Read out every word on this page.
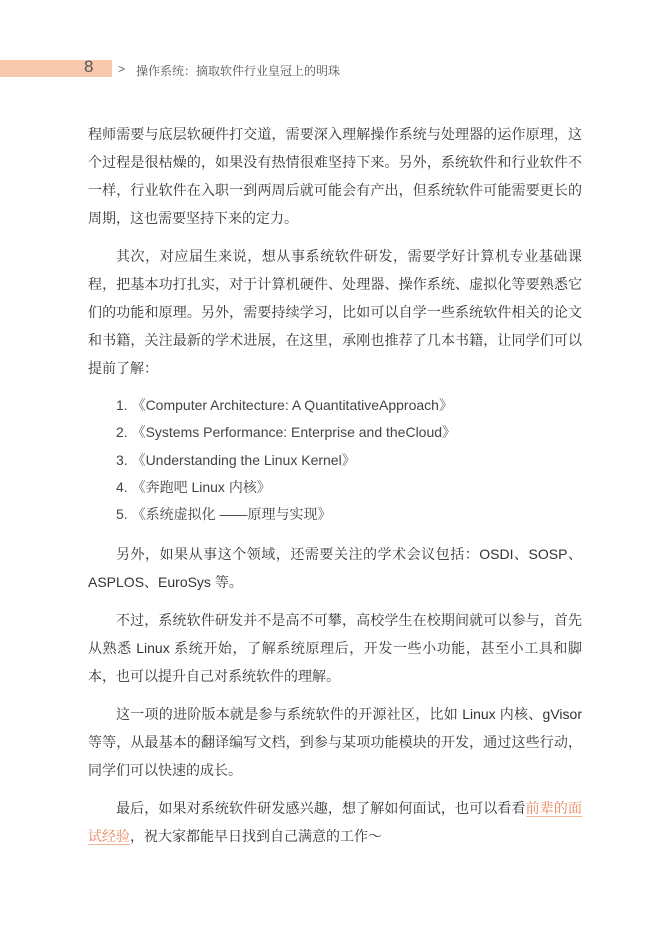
8 > 操作系统：摘取软件行业皇冠上的明珠

程师需要与底层软硬件打交道，需要深入理解操作系统与处理器的运作原理，这个过程是很枯燥的，如果没有热情很难坚持下来。另外，系统软件和行业软件不一样，行业软件在入职一到两周后就可能会有产出，但系统软件可能需要更长的周期，这也需要坚持下来的定力。

其次，对应届生来说，想从事系统软件研发，需要学好计算机专业基础课程，把基本功打扎实，对于计算机硬件、处理器、操作系统、虚拟化等要熟悉它们的功能和原理。另外，需要持续学习，比如可以自学一些系统软件相关的论文和书籍，关注最新的学术进展，在这里，承刚也推荐了几本书籍，让同学们可以提前了解：

1. 《Computer Architecture: A QuantitativeApproach》
2. 《Systems Performance: Enterprise and theCloud》
3. 《Understanding the Linux Kernel》
4. 《奔跑吧 Linux 内核》
5. 《系统虚拟化 ——原理与实现》

另外，如果从事这个领域，还需要关注的学术会议包括：OSDI、SOSP、ASPLOS、EuroSys 等。

不过，系统软件研发并不是高不可攀，高校学生在校期间就可以参与，首先从熟悉 Linux 系统开始，了解系统原理后，开发一些小功能，甚至小工具和脚本，也可以提升自己对系统软件的理解。

这一项的进阶版本就是参与系统软件的开源社区，比如 Linux 内核、gVisor 等等，从最基本的翻译编写文档，到参与某项功能模块的开发，通过这些行动，同学们可以快速的成长。

最后，如果对系统软件研发感兴趣，想了解如何面试，也可以看看前辈的面试经验，祝大家都能早日找到自己满意的工作～
